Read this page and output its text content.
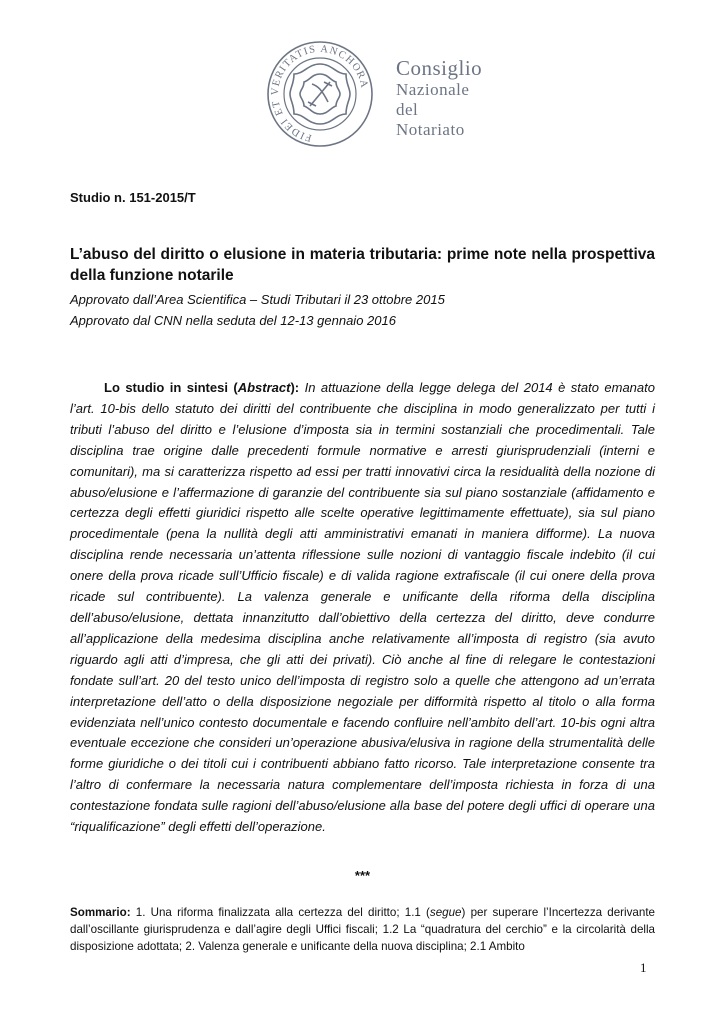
FIDEI ET VERITATIS ANCHORA
Consiglio
Nazionale
del
Notariato
Studio n. 151-2015/T
L’abuso del diritto o elusione in materia tributaria: prime note nella prospettiva della funzione notarile
Approvato dall’Area Scientifica – Studi Tributari il 23 ottobre 2015
Approvato dal CNN nella seduta del 12-13 gennaio 2016
Lo studio in sintesi (Abstract): In attuazione della legge delega del 2014 è stato emanato l’art. 10-bis dello statuto dei diritti del contribuente che disciplina in modo generalizzato per tutti i tributi l’abuso del diritto e l’elusione d’imposta sia in termini sostanziali che procedimentali. Tale disciplina trae origine dalle precedenti formule normative e arresti giurisprudenziali (interni e comunitari), ma si caratterizza rispetto ad essi per tratti innovativi circa la residualità della nozione di abuso/elusione e l’affermazione di garanzie del contribuente sia sul piano sostanziale (affidamento e certezza degli effetti giuridici rispetto alle scelte operative legittimamente effettuate), sia sul piano procedimentale (pena la nullità degli atti amministrativi emanati in maniera difforme). La nuova disciplina rende necessaria un’attenta riflessione sulle nozioni di vantaggio fiscale indebito (il cui onere della prova ricade sull’Ufficio fiscale) e di valida ragione extrafiscale (il cui onere della prova ricade sul contribuente). La valenza generale e unificante della riforma della disciplina dell’abuso/elusione, dettata innanzitutto dall’obiettivo della certezza del diritto, deve condurre all’applicazione della medesima disciplina anche relativamente all’imposta di registro (sia avuto riguardo agli atti d’impresa, che gli atti dei privati). Ciò anche al fine di relegare le contestazioni fondate sull’art. 20 del testo unico dell’imposta di registro solo a quelle che attengono ad un’errata interpretazione dell’atto o della disposizione negoziale per difformità rispetto al titolo o alla forma evidenziata nell’unico contesto documentale e facendo confluire nell’ambito dell’art. 10-bis ogni altra eventuale eccezione che consideri un’operazione abusiva/elusiva in ragione della strumentalità delle forme giuridiche o dei titoli cui i contribuenti abbiano fatto ricorso. Tale interpretazione consente tra l’altro di confermare la necessaria natura complementare dell’imposta richiesta in forza di una contestazione fondata sulle ragioni dell’abuso/elusione alla base del potere degli uffici di operare una “riqualificazione” degli effetti dell’operazione.
***
Sommario: 1. Una riforma finalizzata alla certezza del diritto; 1.1 (segue) per superare l’Incertezza derivante dall’oscillante giurisprudenza e dall’agire degli Uffici fiscali; 1.2 La “quadratura del cerchio” e la circolarità della disposizione adottata; 2. Valenza generale e unificante della nuova disciplina; 2.1 Ambito
1
